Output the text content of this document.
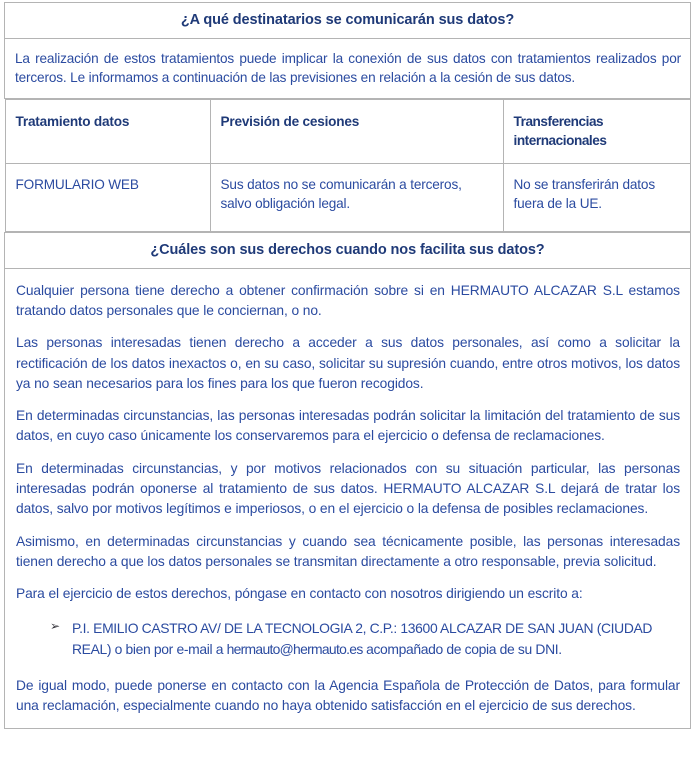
¿A qué destinatarios se comunicarán sus datos?

La realización de estos tratamientos puede implicar la conexión de sus datos con tratamientos realizados por terceros. Le informamos a continuación de las previsiones en relación a la cesión de sus datos.

Tratamiento datos	Previsión de cesiones	Transferencias internacionales
FORMULARIO WEB	Sus datos no se comunicarán a terceros, salvo obligación legal.	No se transferirán datos fuera de la UE.

¿Cuáles son sus derechos cuando nos facilita sus datos?

Cualquier persona tiene derecho a obtener confirmación sobre si en HERMAUTO ALCAZAR S.L estamos tratando datos personales que le conciernan, o no.

Las personas interesadas tienen derecho a acceder a sus datos personales, así como a solicitar la rectificación de los datos inexactos o, en su caso, solicitar su supresión cuando, entre otros motivos, los datos ya no sean necesarios para los fines para los que fueron recogidos.

En determinadas circunstancias, las personas interesadas podrán solicitar la limitación del tratamiento de sus datos, en cuyo caso únicamente los conservaremos para el ejercicio o defensa de reclamaciones.

En determinadas circunstancias, y por motivos relacionados con su situación particular, las personas interesadas podrán oponerse al tratamiento de sus datos. HERMAUTO ALCAZAR S.L dejará de tratar los datos, salvo por motivos legítimos e imperiosos, o en el ejercicio o la defensa de posibles reclamaciones.

Asimismo, en determinadas circunstancias y cuando sea técnicamente posible, las personas interesadas tienen derecho a que los datos personales se transmitan directamente a otro responsable, previa solicitud.

Para el ejercicio de estos derechos, póngase en contacto con nosotros dirigiendo un escrito a:

➢ P.I. EMILIO CASTRO AV/ DE LA TECNOLOGIA 2, C.P.: 13600 ALCAZAR DE SAN JUAN (CIUDAD REAL) o bien por e-mail a hermauto@hermauto.es acompañado de copia de su DNI.

De igual modo, puede ponerse en contacto con la Agencia Española de Protección de Datos, para formular una reclamación, especialmente cuando no haya obtenido satisfacción en el ejercicio de sus derechos.
